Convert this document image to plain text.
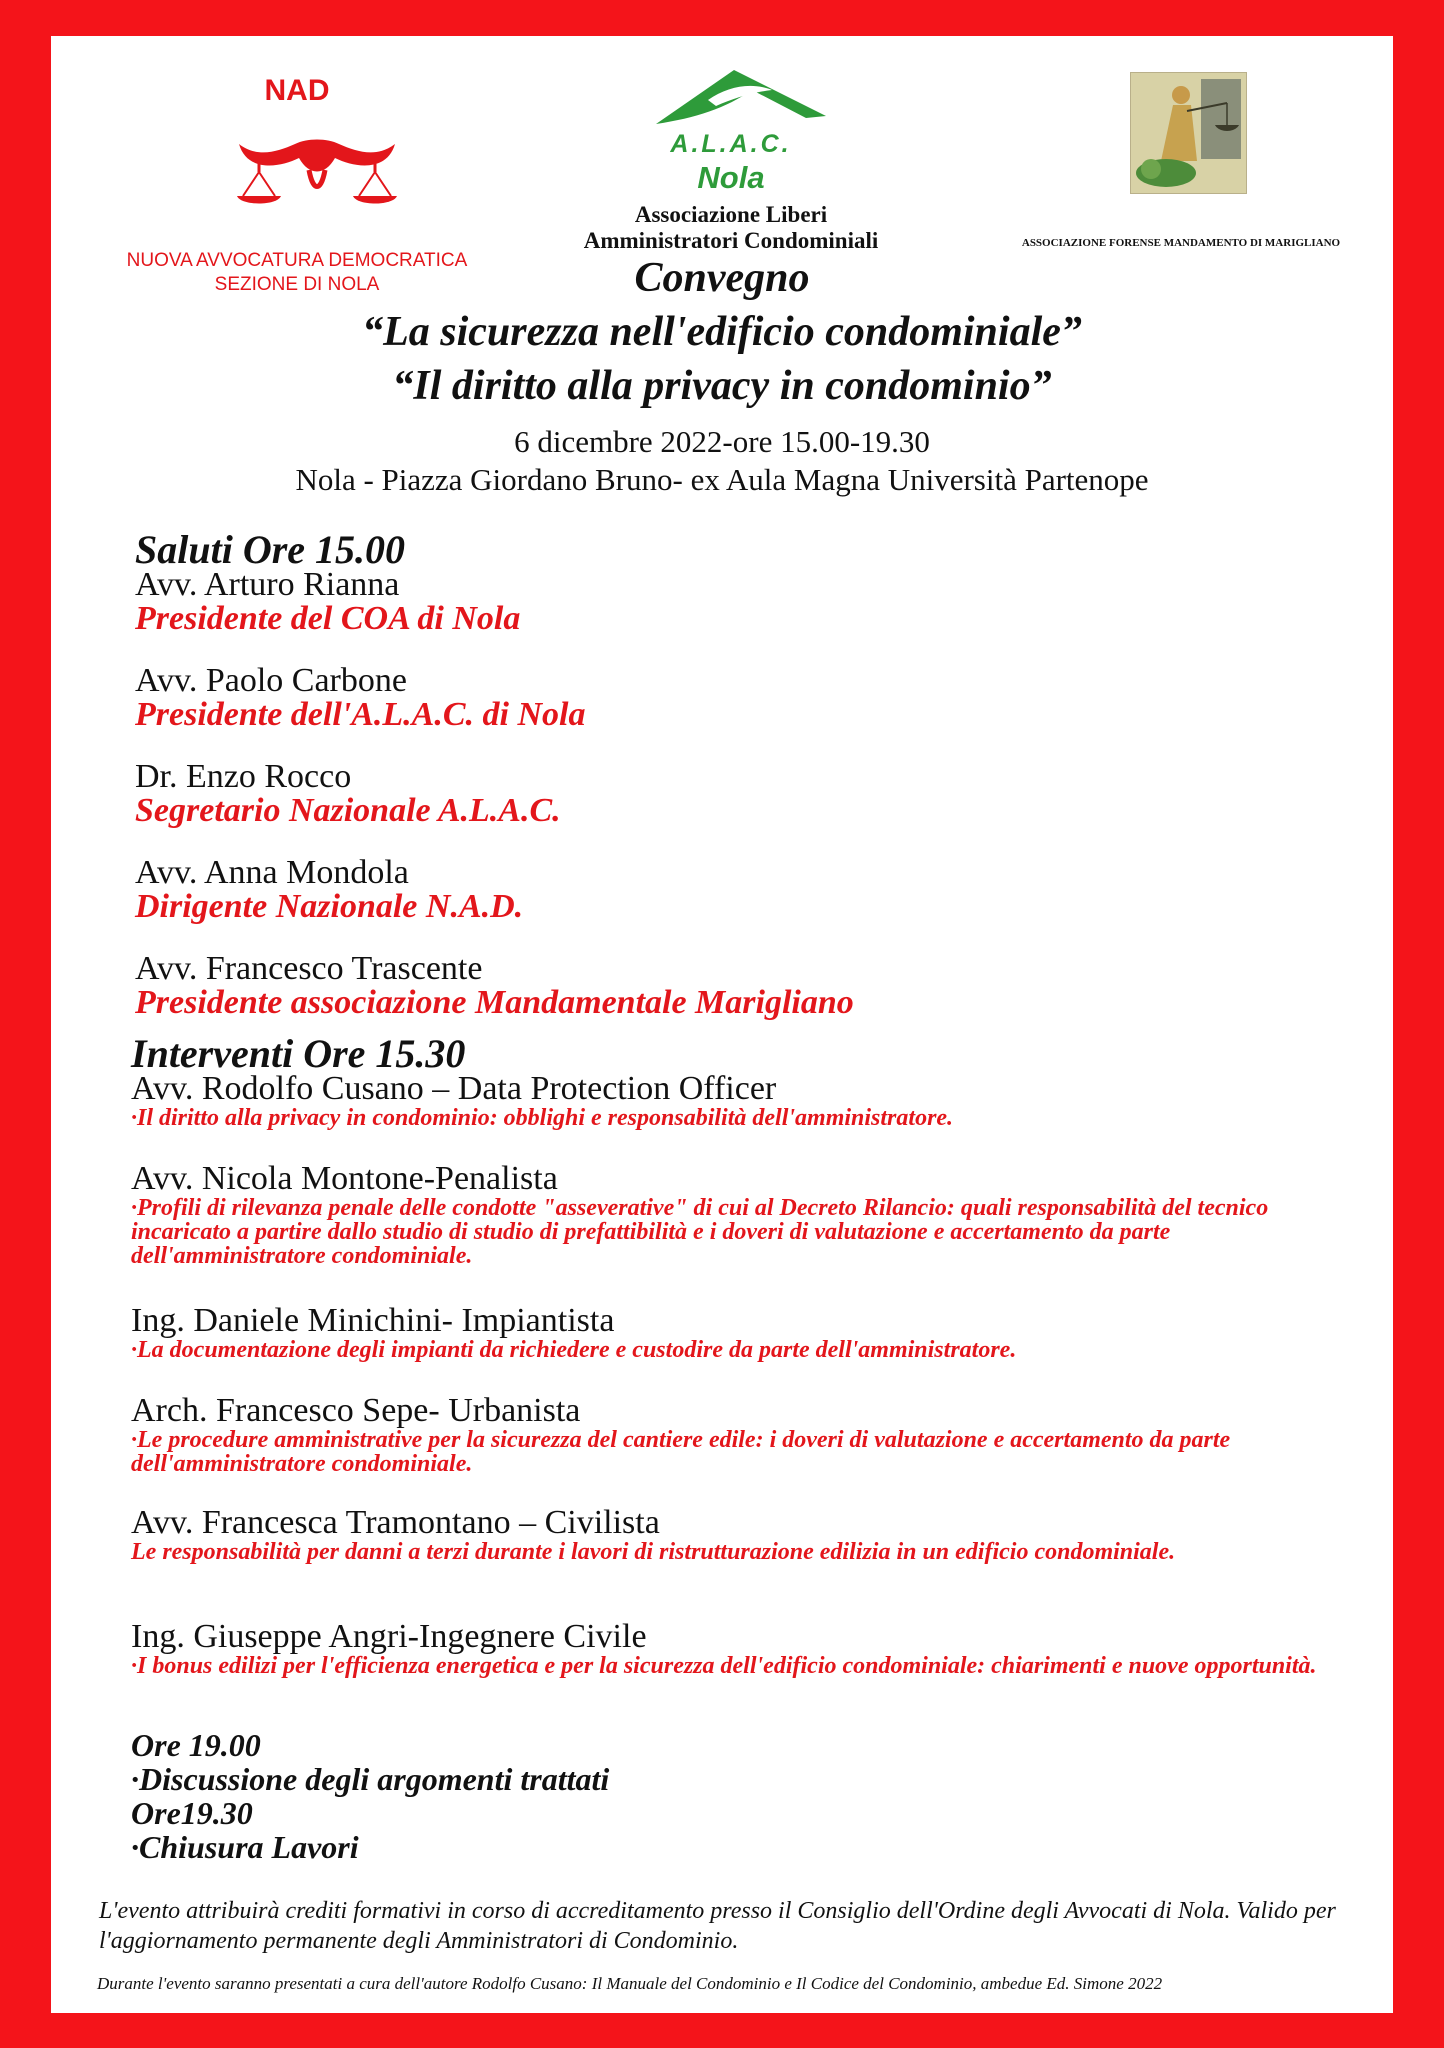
NAD
NUOVA AVVOCATURA DEMOCRATICA
SEZIONE DI NOLA
A.L.A.C.
Nola
Associazione Liberi
Amministratori Condominiali	ASSOCIAZIONE FORENSE MANDAMENTO DI MARIGLIANO
Convegno
“La sicurezza nell'edificio condominiale”
“Il diritto alla privacy in condominio”
6 dicembre 2022-ore 15.00-19.30
Nola - Piazza Giordano Bruno- ex Aula Magna Università Partenope
Saluti Ore 15.00
Avv. Arturo Rianna
Presidente del COA di Nola
Avv. Paolo Carbone
Presidente dell'A.L.A.C. di Nola
Dr. Enzo Rocco
Segretario Nazionale A.L.A.C.
Avv. Anna Mondola
Dirigente Nazionale N.A.D.
Avv. Francesco Trascente
Presidente associazione Mandamentale Marigliano
Interventi Ore 15.30
Avv. Rodolfo Cusano – Data Protection Officer
·Il diritto alla privacy in condominio: obblighi e responsabilità dell'amministratore.
Avv. Nicola Montone-Penalista
·Profili di rilevanza penale delle condotte "asseverative" di cui al Decreto Rilancio: quali responsabilità del tecnico incaricato a partire dallo studio di studio di prefattibilità e i doveri di valutazione e accertamento da parte dell'amministratore condominiale.
Ing. Daniele Minichini- Impiantista
·La documentazione degli impianti da richiedere e custodire da parte dell'amministratore.
Arch. Francesco Sepe- Urbanista
·Le procedure amministrative per la sicurezza del cantiere edile: i doveri di valutazione e accertamento da parte dell'amministratore condominiale.
Avv. Francesca Tramontano – Civilista
Le responsabilità per danni a terzi durante i lavori di ristrutturazione edilizia in un edificio condominiale.
Ing. Giuseppe Angri-Ingegnere Civile
·I bonus edilizi per l'efficienza energetica e per la sicurezza dell'edificio condominiale: chiarimenti e nuove opportunità.
Ore 19.00
·Discussione degli argomenti trattati
Ore19.30
·Chiusura Lavori
L'evento attribuirà crediti formativi in corso di accreditamento presso il Consiglio dell'Ordine degli Avvocati di Nola. Valido per l'aggiornamento permanente degli Amministratori di Condominio.
Durante l'evento saranno presentati a cura dell'autore Rodolfo Cusano: Il Manuale del Condominio e Il Codice del Condominio, ambedue Ed. Simone 2022
